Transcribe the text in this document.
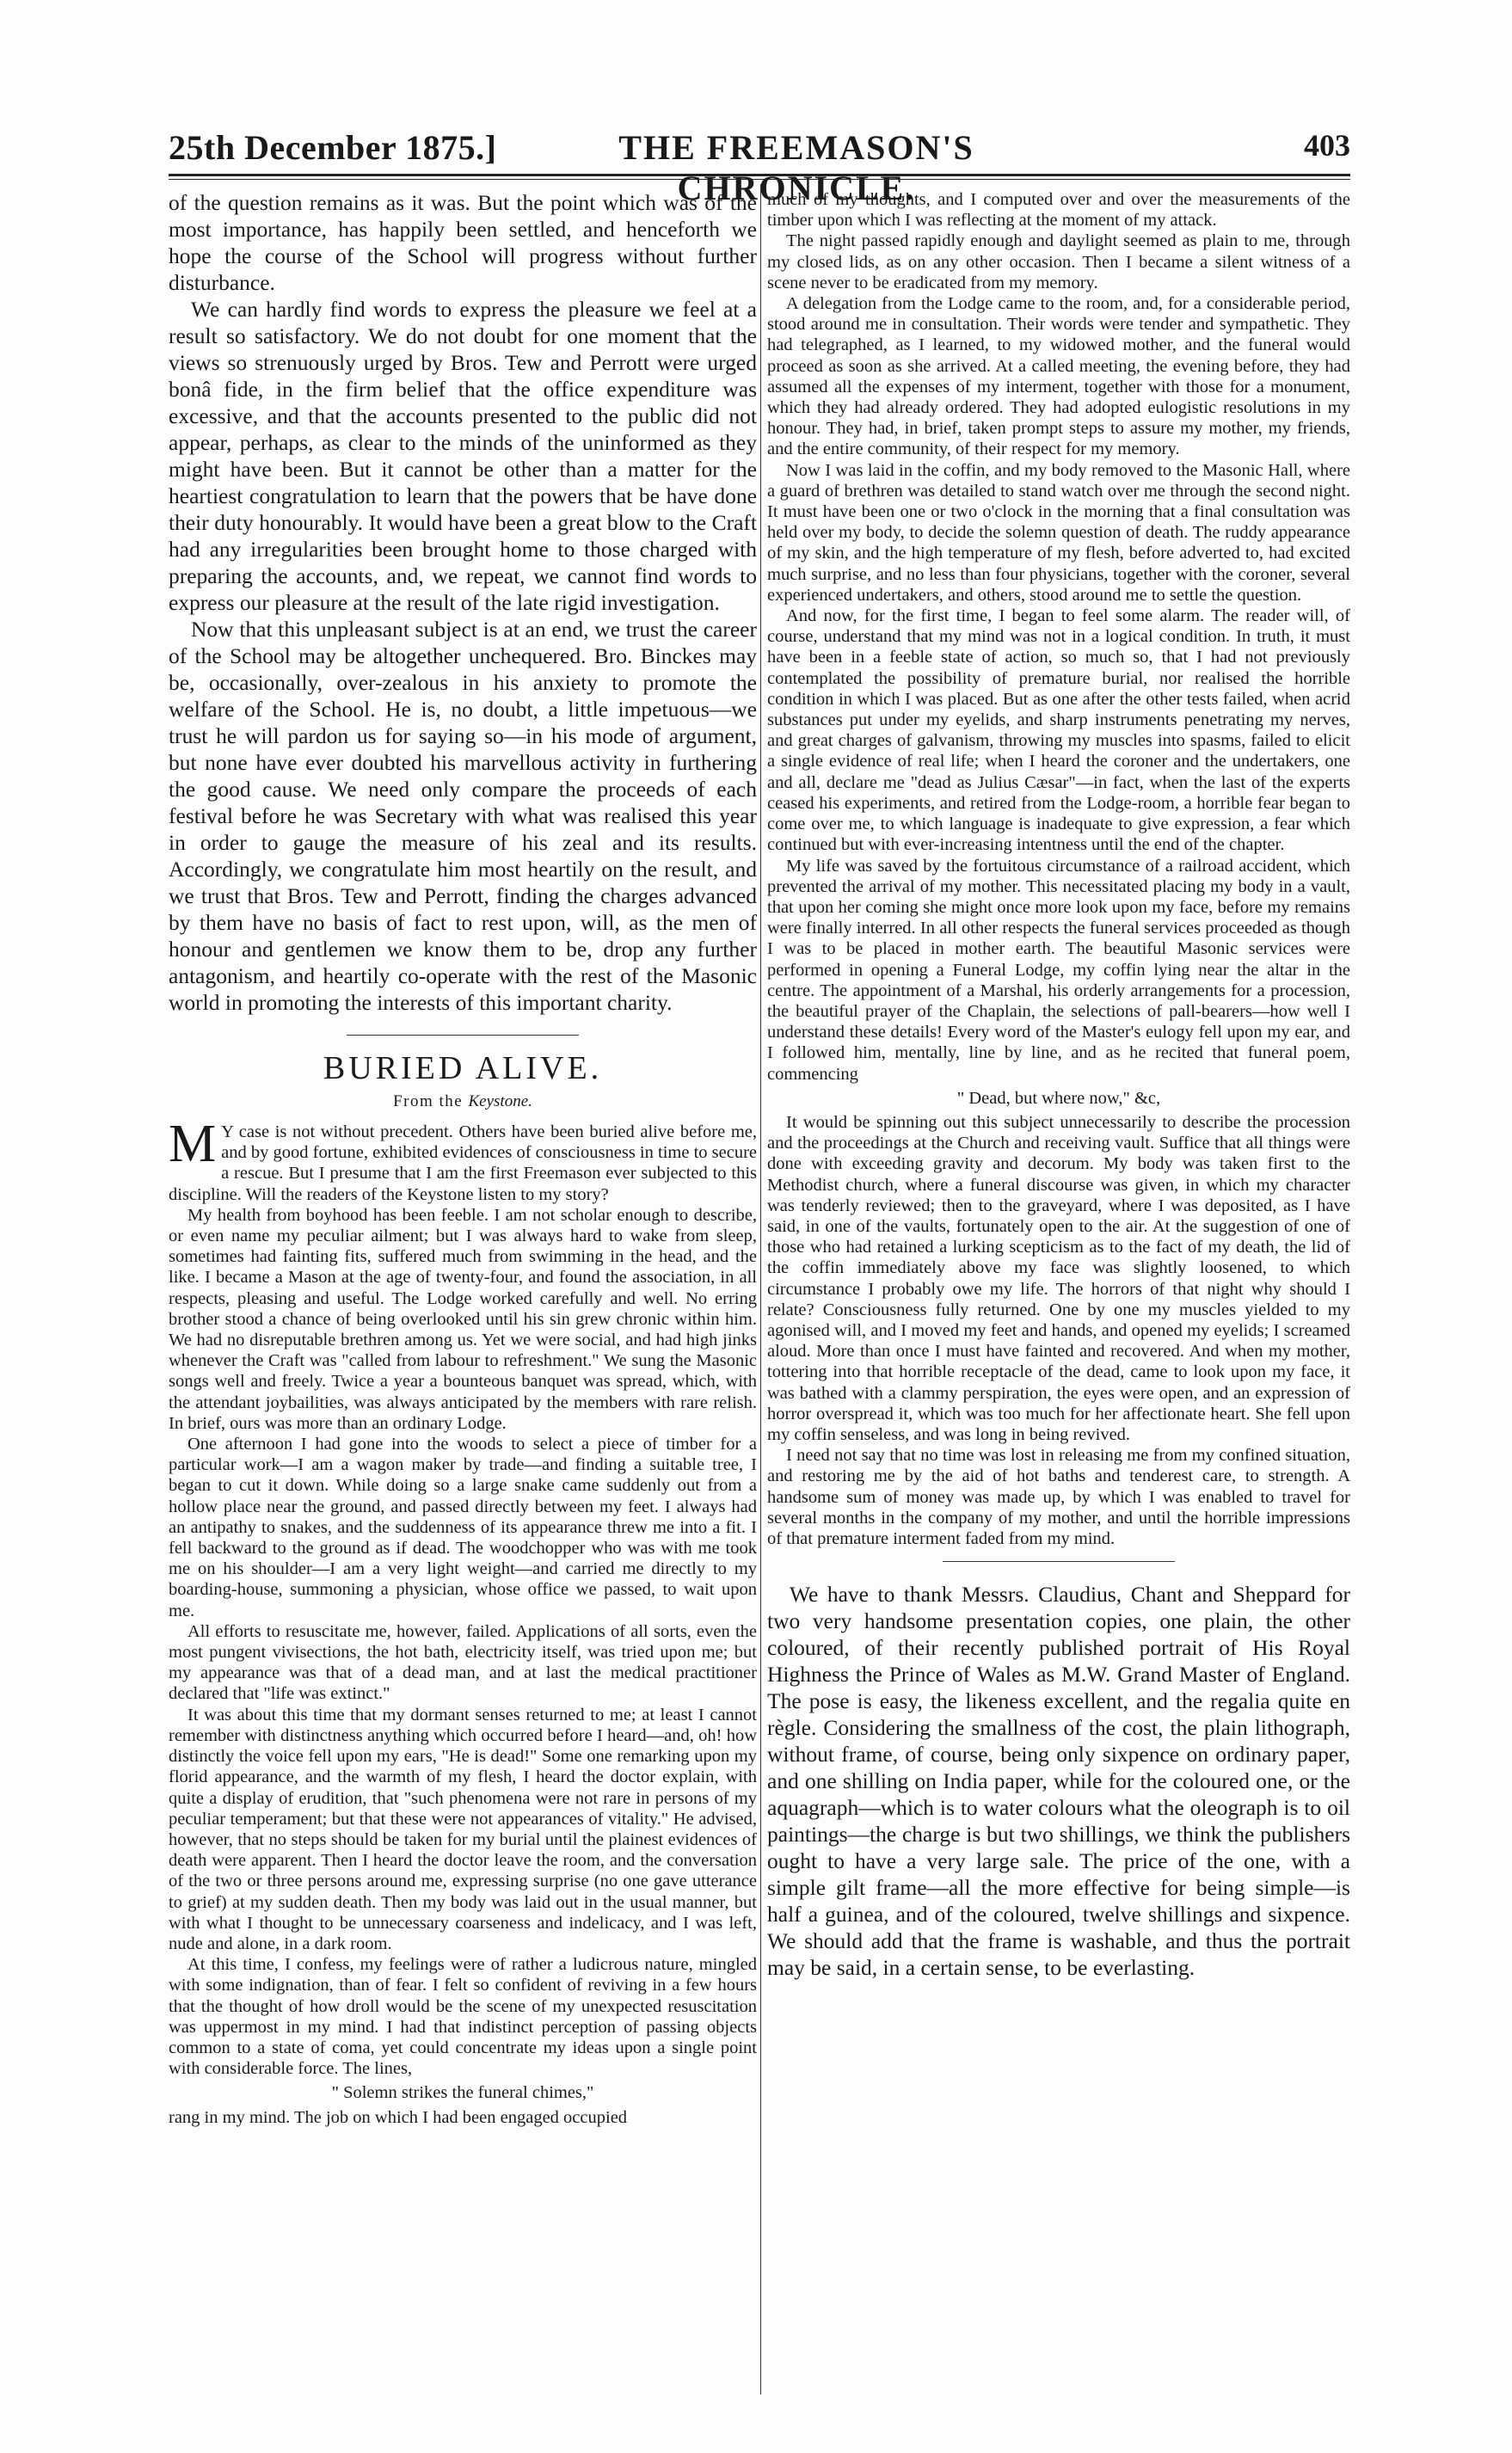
25th December 1875.]	THE FREEMASON'S CHRONICLE.
403

of the question remains as it was. But the point which was of the most importance, has happily been settled, and henceforth we hope the course of the School will progress without further disturbance.

We can hardly find words to express the pleasure we feel at a result so satisfactory. We do not doubt for one moment that the views so strenuously urged by Bros. Tew and Perrott were urged bonâ fide, in the firm belief that the office expenditure was excessive, and that the accounts presented to the public did not appear, perhaps, as clear to the minds of the uninformed as they might have been. But it cannot be other than a matter for the heartiest congratulation to learn that the powers that be have done their duty honourably. It would have been a great blow to the Craft had any irregularities been brought home to those charged with preparing the accounts, and, we repeat, we cannot find words to express our pleasure at the result of the late rigid investigation.

Now that this unpleasant subject is at an end, we trust the career of the School may be altogether unchequered. Bro. Binckes may be, occasionally, over-zealous in his anxiety to promote the welfare of the School. He is, no doubt, a little impetuous—we trust he will pardon us for saying so—in his mode of argument, but none have ever doubted his marvellous activity in furthering the good cause. We need only compare the proceeds of each festival before he was Secretary with what was realised this year in order to gauge the measure of his zeal and its results. Accordingly, we congratulate him most heartily on the result, and we trust that Bros. Tew and Perrott, finding the charges advanced by them have no basis of fact to rest upon, will, as the men of honour and gentlemen we know them to be, drop any further antagonism, and heartily co-operate with the rest of the Masonic world in promoting the interests of this important charity.

BURIED ALIVE.
From the Keystone.

M Y case is not without precedent. Others have been buried alive before me, and by good fortune, exhibited evidences of consciousness in time to secure a rescue. But I presume that I am the first Freemason ever subjected to this discipline. Will the readers of the Keystone listen to my story?

My health from boyhood has been feeble. I am not scholar enough to describe, or even name my peculiar ailment; but I was always hard to wake from sleep, sometimes had fainting fits, suffered much from swimming in the head, and the like. I became a Mason at the age of twenty-four, and found the association, in all respects, pleasing and useful. The Lodge worked carefully and well. No erring brother stood a chance of being overlooked until his sin grew chronic within him. We had no disreputable brethren among us. Yet we were social, and had high jinks whenever the Craft was "called from labour to refreshment." We sung the Masonic songs well and freely. Twice a year a bounteous banquet was spread, which, with the attendant joybailities, was always anticipated by the members with rare relish. In brief, ours was more than an ordinary Lodge.

One afternoon I had gone into the woods to select a piece of timber for a particular work—I am a wagon maker by trade—and finding a suitable tree, I began to cut it down. While doing so a large snake came suddenly out from a hollow place near the ground, and passed directly between my feet. I always had an antipathy to snakes, and the suddenness of its appearance threw me into a fit. I fell backward to the ground as if dead. The woodchopper who was with me took me on his shoulder—I am a very light weight—and carried me directly to my boarding-house, summoning a physician, whose office we passed, to wait upon me.

All efforts to resuscitate me, however, failed. Applications of all sorts, even the most pungent vivisections, the hot bath, electricity itself, was tried upon me; but my appearance was that of a dead man, and at last the medical practitioner declared that "life was extinct."

It was about this time that my dormant senses returned to me; at least I cannot remember with distinctness anything which occurred before I heard—and, oh! how distinctly the voice fell upon my ears, "He is dead!" Some one remarking upon my florid appearance, and the warmth of my flesh, I heard the doctor explain, with quite a display of erudition, that "such phenomena were not rare in persons of my peculiar temperament; but that these were not appearances of vitality." He advised, however, that no steps should be taken for my burial until the plainest evidences of death were apparent. Then I heard the doctor leave the room, and the conversation of the two or three persons around me, expressing surprise (no one gave utterance to grief) at my sudden death. Then my body was laid out in the usual manner, but with what I thought to be unnecessary coarseness and indelicacy, and I was left, nude and alone, in a dark room.

At this time, I confess, my feelings were of rather a ludicrous nature, mingled with some indignation, than of fear. I felt so confident of reviving in a few hours that the thought of how droll would be the scene of my unexpected resuscitation was uppermost in my mind. I had that indistinct perception of passing objects common to a state of coma, yet could concentrate my ideas upon a single point with considerable force. The lines,

" Solemn strikes the funeral chimes,"

rang in my mind. The job on which I had been engaged occupied

much of my thoughts, and I computed over and over the measurements of the timber upon which I was reflecting at the moment of my attack.

The night passed rapidly enough and daylight seemed as plain to me, through my closed lids, as on any other occasion. Then I became a silent witness of a scene never to be eradicated from my memory.

A delegation from the Lodge came to the room, and, for a considerable period, stood around me in consultation. Their words were tender and sympathetic. They had telegraphed, as I learned, to my widowed mother, and the funeral would proceed as soon as she arrived. At a called meeting, the evening before, they had assumed all the expenses of my interment, together with those for a monument, which they had already ordered. They had adopted eulogistic resolutions in my honour. They had, in brief, taken prompt steps to assure my mother, my friends, and the entire community, of their respect for my memory.

Now I was laid in the coffin, and my body removed to the Masonic Hall, where a guard of brethren was detailed to stand watch over me through the second night. It must have been one or two o'clock in the morning that a final consultation was held over my body, to decide the solemn question of death. The ruddy appearance of my skin, and the high temperature of my flesh, before adverted to, had excited much surprise, and no less than four physicians, together with the coroner, several experienced undertakers, and others, stood around me to settle the question.

And now, for the first time, I began to feel some alarm. The reader will, of course, understand that my mind was not in a logical condition. In truth, it must have been in a feeble state of action, so much so, that I had not previously contemplated the possibility of premature burial, nor realised the horrible condition in which I was placed. But as one after the other tests failed, when acrid substances put under my eyelids, and sharp instruments penetrating my nerves, and great charges of galvanism, throwing my muscles into spasms, failed to elicit a single evidence of real life; when I heard the coroner and the undertakers, one and all, declare me "dead as Julius Cæsar"—in fact, when the last of the experts ceased his experiments, and retired from the Lodge-room, a horrible fear began to come over me, to which language is inadequate to give expression, a fear which continued but with ever-increasing intentness until the end of the chapter.

My life was saved by the fortuitous circumstance of a railroad accident, which prevented the arrival of my mother. This necessitated placing my body in a vault, that upon her coming she might once more look upon my face, before my remains were finally interred. In all other respects the funeral services proceeded as though I was to be placed in mother earth. The beautiful Masonic services were performed in opening a Funeral Lodge, my coffin lying near the altar in the centre. The appointment of a Marshal, his orderly arrangements for a procession, the beautiful prayer of the Chaplain, the selections of pall-bearers—how well I understand these details! Every word of the Master's eulogy fell upon my ear, and I followed him, mentally, line by line, and as he recited that funeral poem, commencing

" Dead, but where now," &c,

It would be spinning out this subject unnecessarily to describe the procession and the proceedings at the Church and receiving vault. Suffice that all things were done with exceeding gravity and decorum. My body was taken first to the Methodist church, where a funeral discourse was given, in which my character was tenderly reviewed; then to the graveyard, where I was deposited, as I have said, in one of the vaults, fortunately open to the air. At the suggestion of one of those who had retained a lurking scepticism as to the fact of my death, the lid of the coffin immediately above my face was slightly loosened, to which circumstance I probably owe my life. The horrors of that night why should I relate? Consciousness fully returned. One by one my muscles yielded to my agonised will, and I moved my feet and hands, and opened my eyelids; I screamed aloud. More than once I must have fainted and recovered. And when my mother, tottering into that horrible receptacle of the dead, came to look upon my face, it was bathed with a clammy perspiration, the eyes were open, and an expression of horror overspread it, which was too much for her affectionate heart. She fell upon my coffin senseless, and was long in being revived.

I need not say that no time was lost in releasing me from my confined situation, and restoring me by the aid of hot baths and tenderest care, to strength. A handsome sum of money was made up, by which I was enabled to travel for several months in the company of my mother, and until the horrible impressions of that premature interment faded from my mind.

We have to thank Messrs. Claudius, Chant and Sheppard for two very handsome presentation copies, one plain, the other coloured, of their recently published portrait of His Royal Highness the Prince of Wales as M.W. Grand Master of England. The pose is easy, the likeness excellent, and the regalia quite en règle. Considering the smallness of the cost, the plain lithograph, without frame, of course, being only sixpence on ordinary paper, and one shilling on India paper, while for the coloured one, or the aquagraph—which is to water colours what the oleograph is to oil paintings—the charge is but two shillings, we think the publishers ought to have a very large sale. The price of the one, with a simple gilt frame—all the more effective for being simple—is half a guinea, and of the coloured, twelve shillings and sixpence. We should add that the frame is washable, and thus the portrait may be said, in a certain sense, to be everlasting.
